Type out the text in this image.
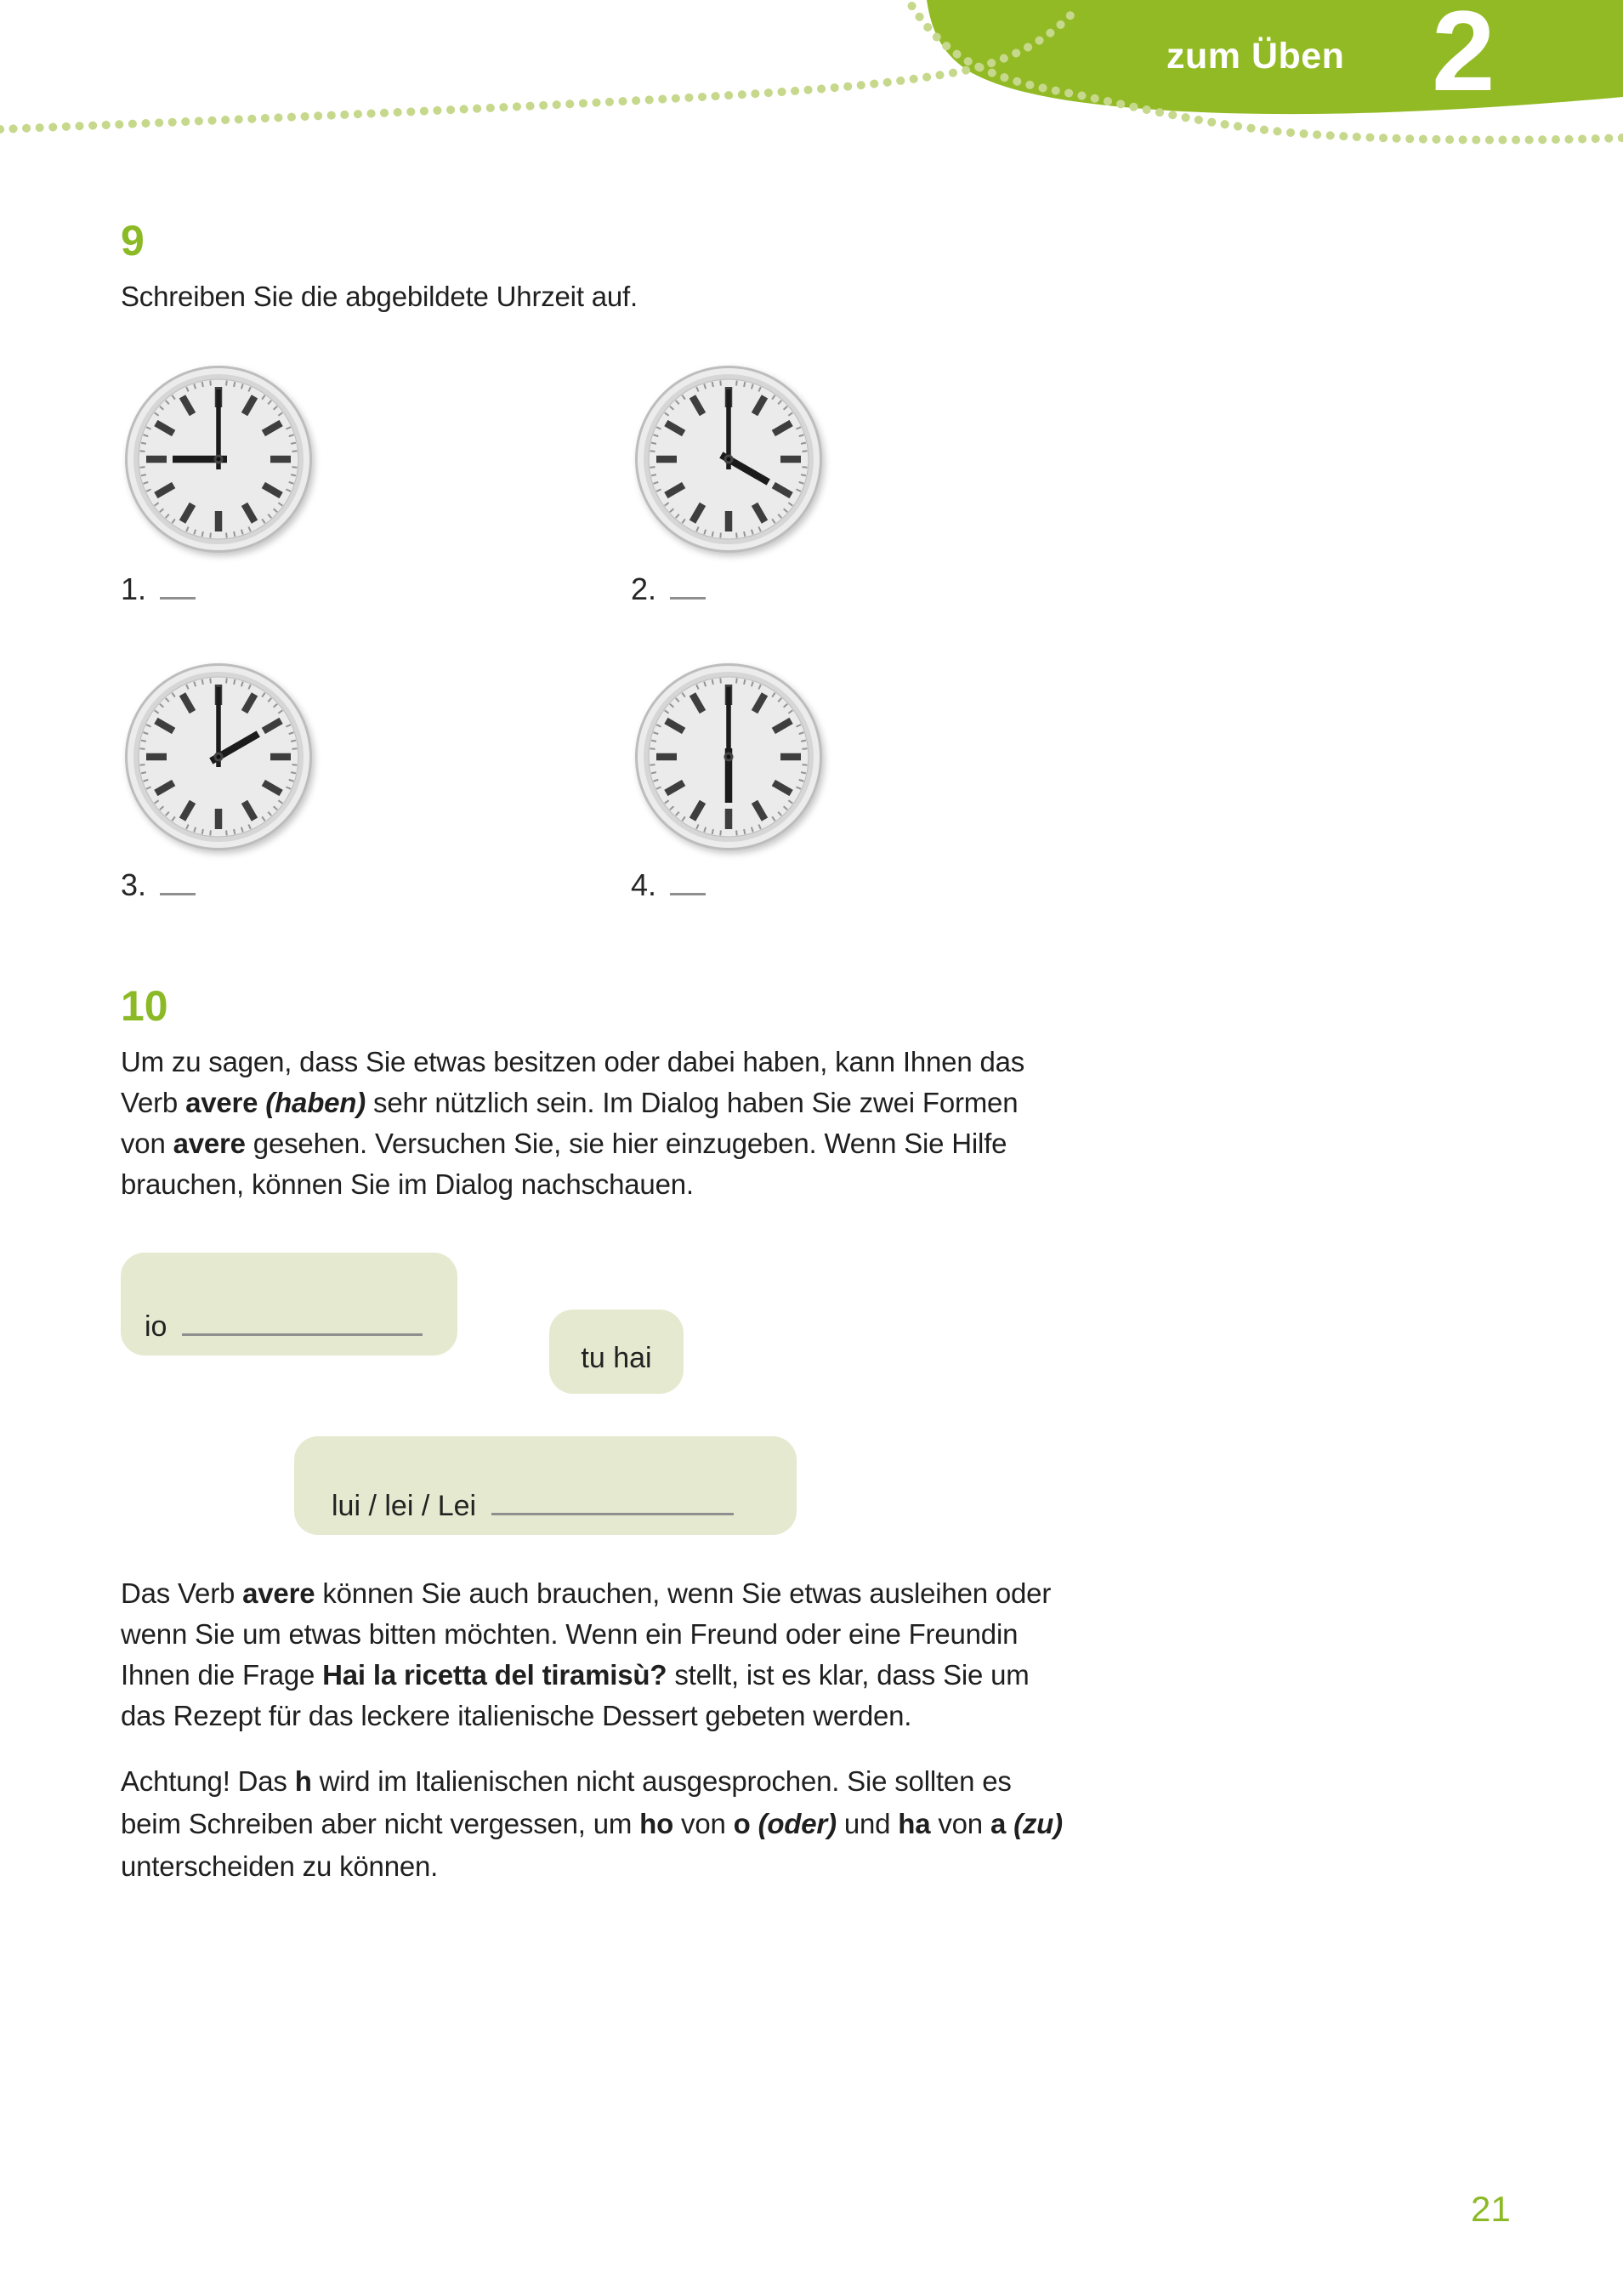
zum Üben 2
9
Schreiben Sie die abgebildete Uhrzeit auf.
1.	2.
3.	4.
10
Um zu sagen, dass Sie etwas besitzen oder dabei haben, kann Ihnen das
Verb avere (haben) sehr nützlich sein. Im Dialog haben Sie zwei Formen
von avere gesehen. Versuchen Sie, sie hier einzugeben. Wenn Sie Hilfe
brauchen, können Sie im Dialog nachschauen.
io
tu hai
lui / lei / Lei
Das Verb avere können Sie auch brauchen, wenn Sie etwas ausleihen oder
wenn Sie um etwas bitten möchten. Wenn ein Freund oder eine Freundin
Ihnen die Frage Hai la ricetta del tiramisù? stellt, ist es klar, dass Sie um
das Rezept für das leckere italienische Dessert gebeten werden.
Achtung! Das h wird im Italienischen nicht ausgesprochen. Sie sollten es
beim Schreiben aber nicht vergessen, um ho von o (oder) und ha von a (zu)
unterscheiden zu können.
21
